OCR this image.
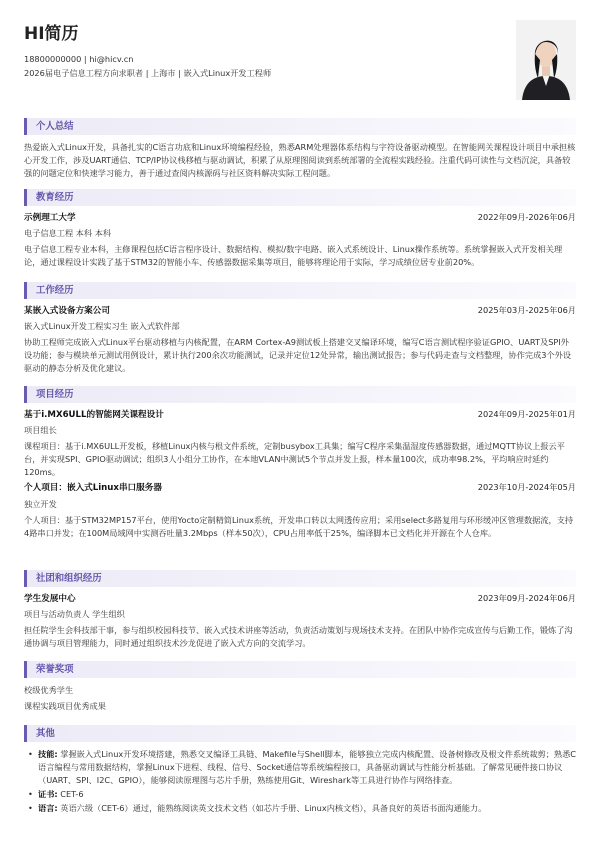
HI简历
18800000000 | hi@hicv.cn
2026届电子信息工程方向求职者 | 上海市 | 嵌入式Linux开发工程师
个人总结

热爱嵌入式Linux开发，具备扎实的C语言功底和Linux环境编程经验，熟悉ARM处理器体系结构与字符设备驱动模型。在智能网关课程设计项目中承担核心开发工作，涉及UART通信、TCP/IP协议栈移植与驱动调试，积累了从原理图阅读到系统部署的全流程实践经验。注重代码可读性与文档沉淀，具备较强的问题定位和快速学习能力，善于通过查阅内核源码与社区资料解决实际工程问题。

教育经历
示例理工大学	2022年09月-2026年06月
电子信息工程 本科 本科

电子信息工程专业本科，主修课程包括C语言程序设计、数据结构、模拟/数字电路、嵌入式系统设计、Linux操作系统等。系统掌握嵌入式开发相关理论，通过课程设计实践了基于STM32的智能小车、传感器数据采集等项目，能够将理论用于实际，学习成绩位居专业前20%。

工作经历
某嵌入式设备方案公司	2025年03月-2025年06月
嵌入式Linux开发工程实习生 嵌入式软件部

协助工程师完成嵌入式Linux平台驱动移植与内核配置，在ARM Cortex-A9测试板上搭建交叉编译环境，编写C语言测试程序验证GPIO、UART及SPI外设功能；参与模块单元测试用例设计，累计执行200余次功能测试，记录并定位12处异常，输出测试报告；参与代码走查与文档整理，协作完成3个外设驱动的静态分析及优化建议。

项目经历
基于i.MX6ULL的智能网关课程设计	2024年09月-2025年01月
项目组长

课程项目：基于i.MX6ULL开发板，移植Linux内核与根文件系统，定制busybox工具集；编写C程序采集温湿度传感器数据，通过MQTT协议上报云平台，并实现SPI、GPIO驱动调试；组织3人小组分工协作，在本地VLAN中测试5个节点并发上报，样本量100次，成功率98.2%，平均响应时延约120ms。

个人项目：嵌入式Linux串口服务器	2023年10月-2024年05月
独立开发

个人项目：基于STM32MP157平台，使用Yocto定制精简Linux系统，开发串口转以太网透传应用；采用select多路复用与环形缓冲区管理数据流，支持4路串口并发；在100M局域网中实测吞吐量3.2Mbps（样本50次），CPU占用率低于25%，编译脚本已文档化并开源在个人仓库。

社团和组织经历
学生发展中心	2023年09月-2024年06月
项目与活动负责人 学生组织

担任院学生会科技部干事，参与组织校园科技节、嵌入式技术讲座等活动，负责活动策划与现场技术支持。在团队中协作完成宣传与后勤工作，锻炼了沟通协调与项目管理能力，同时通过组织技术沙龙促进了嵌入式方向的交流学习。

荣誉奖项

校级优秀学生

课程实践项目优秀成果

其他
• 技能: 掌握嵌入式Linux开发环境搭建，熟悉交叉编译工具链、Makefile与Shell脚本，能够独立完成内核配置、设备树修改及根文件系统裁剪；熟悉C语言编程与常用数据结构，掌握Linux下进程、线程、信号、Socket通信等系统编程接口，具备驱动调试与性能分析基础。了解常见硬件接口协议（UART、SPI、I2C、GPIO），能够阅读原理图与芯片手册，熟练使用Git、Wireshark等工具进行协作与网络排查。
• 证书: CET-6
• 语言: 英语六级（CET-6）通过，能熟练阅读英文技术文档（如芯片手册、Linux内核文档），具备良好的英语书面沟通能力。
